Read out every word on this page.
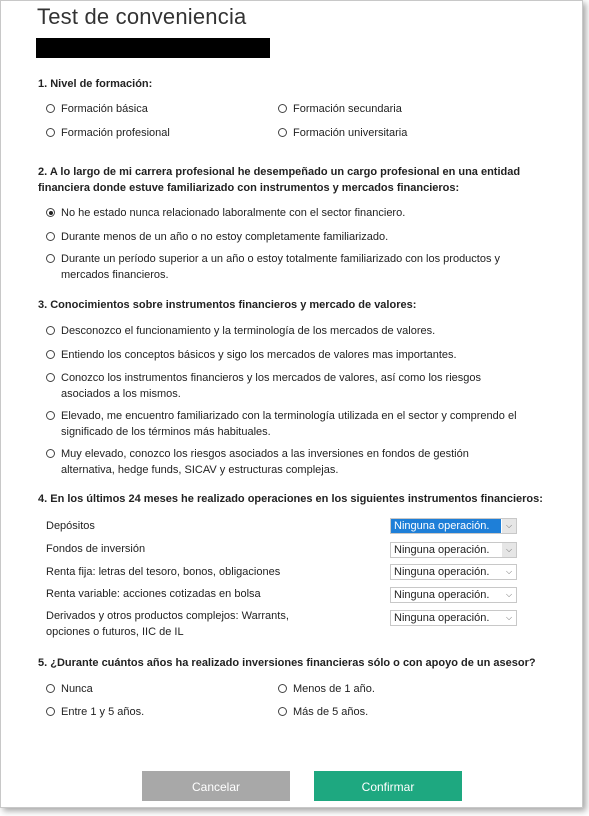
Test de conveniencia
1. Nivel de formación:
Formación básica	Formación secundaria
Formación profesional	Formación universitaria
2. A lo largo de mi carrera profesional he desempeñado un cargo profesional en una entidad financiera donde estuve familiarizado con instrumentos y mercados financieros:
No he estado nunca relacionado laboralmente con el sector financiero.
Durante menos de un año o no estoy completamente familiarizado.
Durante un período superior a un año o estoy totalmente familiarizado con los productos y mercados financieros.
3. Conocimientos sobre instrumentos financieros y mercado de valores:
Desconozco el funcionamiento y la terminología de los mercados de valores.
Entiendo los conceptos básicos y sigo los mercados de valores mas importantes.
Conozco los instrumentos financieros y los mercados de valores, así como los riesgos asociados a los mismos.
Elevado, me encuentro familiarizado con la terminología utilizada en el sector y comprendo el significado de los términos más habituales.
Muy elevado, conozco los riesgos asociados a las inversiones en fondos de gestión alternativa, hedge funds, SICAV y estructuras complejas.
4. En los últimos 24 meses he realizado operaciones en los siguientes instrumentos financieros:
Depósitos	Ninguna operación.	⌵
Fondos de inversión	Ninguna operación.	⌵
Renta fija: letras del tesoro, bonos, obligaciones	Ninguna operación.	⌵
Renta variable: acciones cotizadas en bolsa	Ninguna operación.	⌵
Derivados y otros productos complejos: Warrants, opciones o futuros, IIC de IL
Ninguna operación.	⌵
5. ¿Durante cuántos años ha realizado inversiones financieras sólo o con apoyo de un asesor?
Nunca	Menos de 1 año.
Entre 1 y 5 años.	Más de 5 años.
Cancelar	Confirmar
